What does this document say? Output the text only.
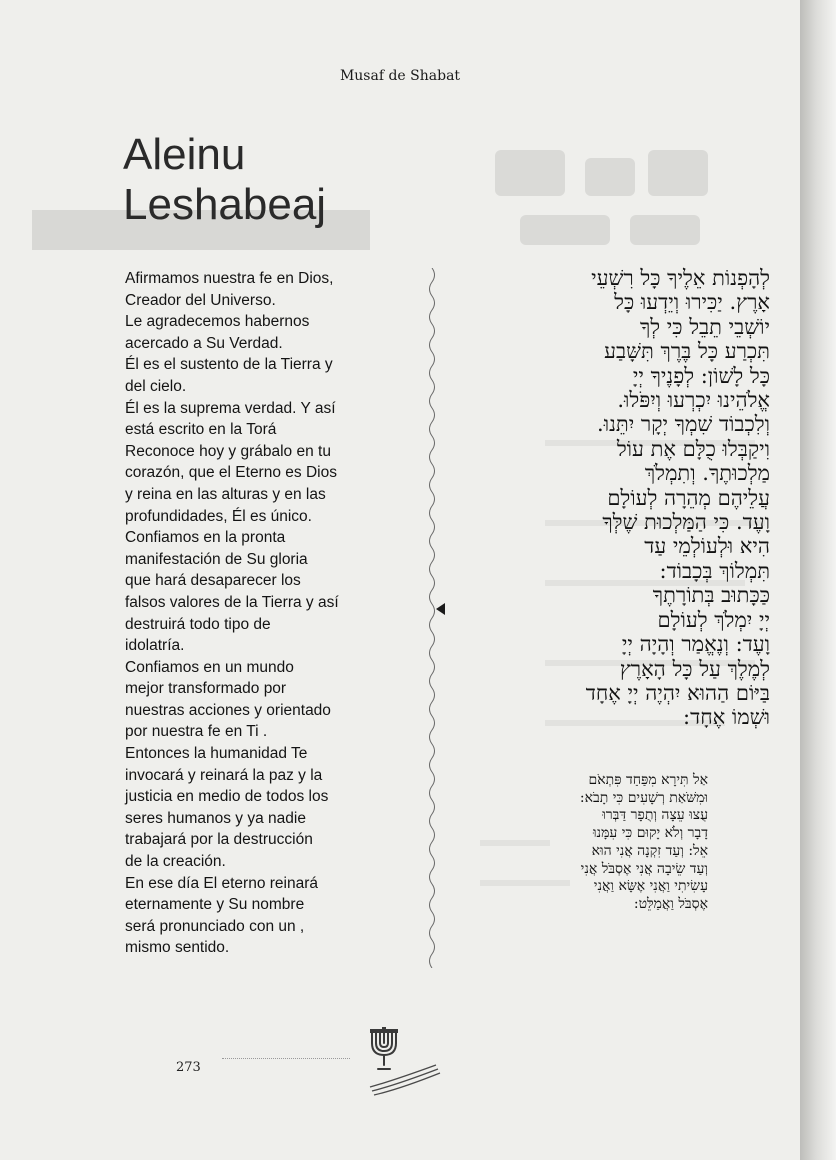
Musaf de Shabat
Aleinu
Leshabeaj
Afirmamos nuestra fe en Dios,
Creador del Universo.
Le agradecemos habernos
acercado a Su Verdad.
Él es el sustento de la Tierra y
del cielo.
Él es la suprema verdad. Y así
está escrito en la Torá
Reconoce hoy y grábalo en tu
corazón, que el Eterno es Dios
y reina en las alturas y en las
profundidades, Él es único.
Confiamos en la pronta
manifestación de Su gloria
que hará desaparecer los
falsos valores de la Tierra y así
destruirá todo tipo de
idolatría.
Confiamos en un mundo
mejor transformado por
nuestras acciones y orientado
por nuestra fe en Ti .
Entonces la humanidad Te
invocará y reinará la paz y la
justicia en medio de todos los
seres humanos y ya nadie
trabajará por la destrucción
de la creación.
En ese día El eterno reinará
eternamente y Su nombre
será pronunciado con un ,
mismo sentido.
לְהָפְנוֹת אֵלֶיךָ כָּל רִשְׁעֵי
אָרֶץ. יַכִּירוּ וְיֵדְעוּ כָּל
יוֹשְׁבֵי תֵבֵל כִּי לְךָ
תִּכְרַע כָּל בֶּרֶךְ תִּשָּׁבַע
כָּל לָשׁוֹן: לְפָנֶיךָ יְיָ
אֱלֹהֵינוּ יִכְרְעוּ וְיִפֹּלוּ.
וְלִכְבוֹד שִׁמְךָ יְקָר יִתֵּנוּ.
וִיקַבְּלוּ כֻלָּם אֶת עוֹל
מַלְכוּתֶךָ. וְתִמְלֹךְ
עֲלֵיהֶם מְהֵרָה לְעוֹלָם
וָעֶד. כִּי הַמַּלְכוּת שֶׁלְּךָ
הִיא וּלְעוֹלְמֵי עַד
תִּמְלוֹךְ בְּכָבוֹד:
כַּכָּתוּב בְּתוֹרָתֶךָ
יְיָ יִמְלֹךְ לְעוֹלָם
וָעֶד: וְנֶאֱמַר וְהָיָה יְיָ
לְמֶלֶךְ עַל כָּל הָאָרֶץ
בַּיּוֹם הַהוּא יִהְיֶה יְיָ אֶחָד
וּשְׁמוֹ אֶחָד:
אַל תִּירָא מִפַּחַד פִּתְאֹם
וּמִשֹּׁאַת רְשָׁעִים כִּי תָבֹא:
עֻצוּ עֵצָה וְתֻפָר דַּבְּרוּ
דָבָר וְלֹא יָקוּם כִּי עִמָּנוּ
אֵל: וְעַד זִקְנָה אֲנִי הוּא
וְעַד שֵׂיבָה אֲנִי אֶסְבֹּל אֲנִי
עָשִׂיתִי וַאֲנִי אֶשָּׂא וַאֲנִי
אֶסְבֹּל וַאֲמַלֵּט:
273
